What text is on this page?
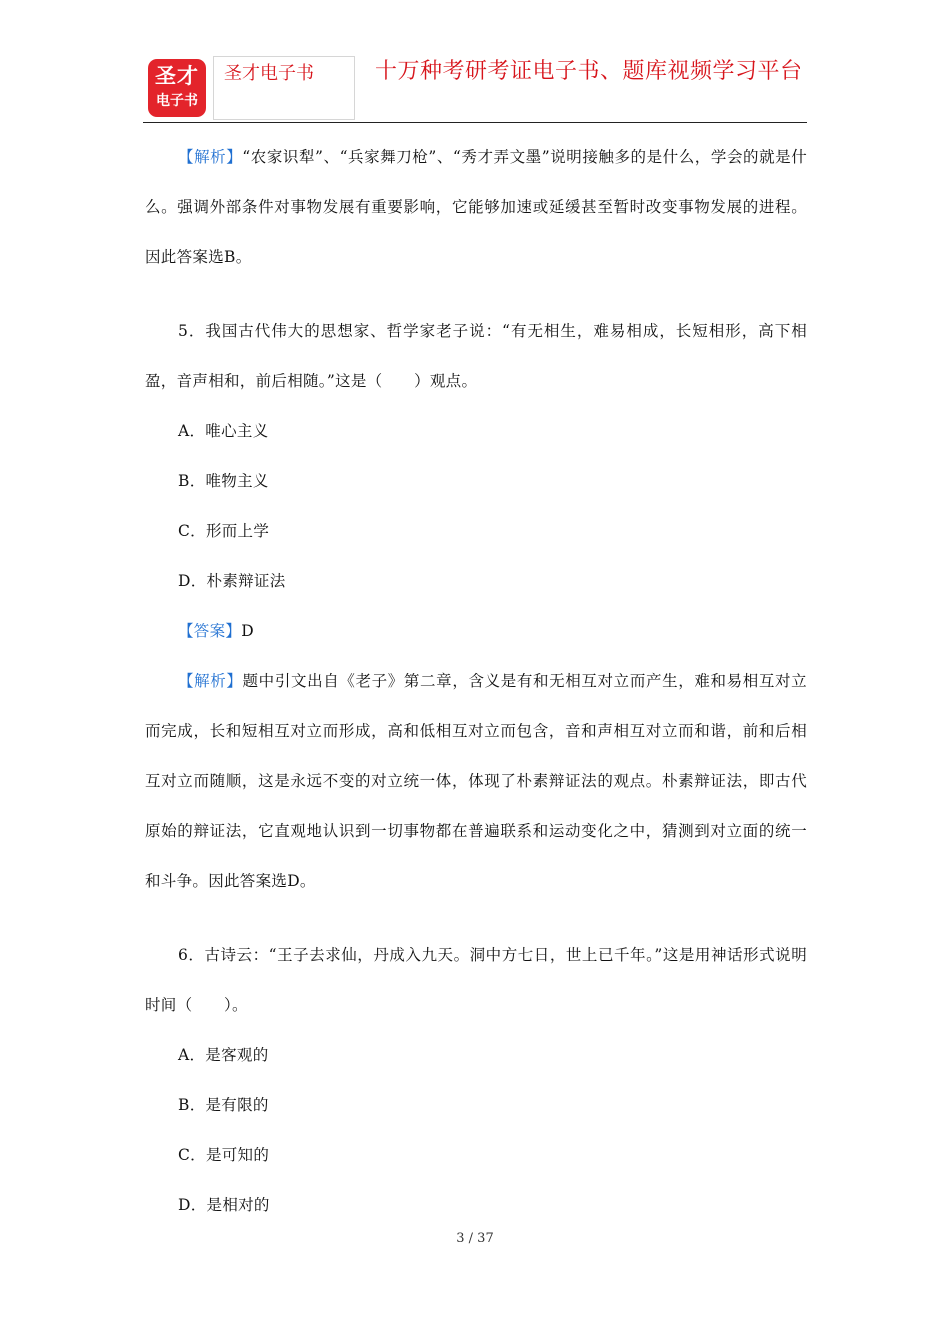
圣才
电子书
圣才电子书	十万种考研考证电子书、题库视频学习平台

【解析】“农家识犁”、“兵家舞刀枪”、“秀才弄文墨”说明接触多的是什么，学会的就是什么。强调外部条件对事物发展有重要影响，它能够加速或延缓甚至暂时改变事物发展的进程。因此答案选B。

5．我国古代伟大的思想家、哲学家老子说：“有无相生，难易相成，长短相形，高下相盈，音声相和，前后相随。”这是（　　）观点。

A．唯心主义

B．唯物主义

C．形而上学

D．朴素辩证法

【答案】D

【解析】题中引文出自《老子》第二章，含义是有和无相互对立而产生，难和易相互对立而完成，长和短相互对立而形成，高和低相互对立而包含，音和声相互对立而和谐，前和后相互对立而随顺，这是永远不变的对立统一体，体现了朴素辩证法的观点。朴素辩证法，即古代原始的辩证法，它直观地认识到一切事物都在普遍联系和运动变化之中，猜测到对立面的统一和斗争。因此答案选D。

6．古诗云：“王子去求仙，丹成入九天。洞中方七日，世上已千年。”这是用神话形式说明时间（　　）。

A．是客观的

B．是有限的

C．是可知的

D．是相对的

3 / 37
